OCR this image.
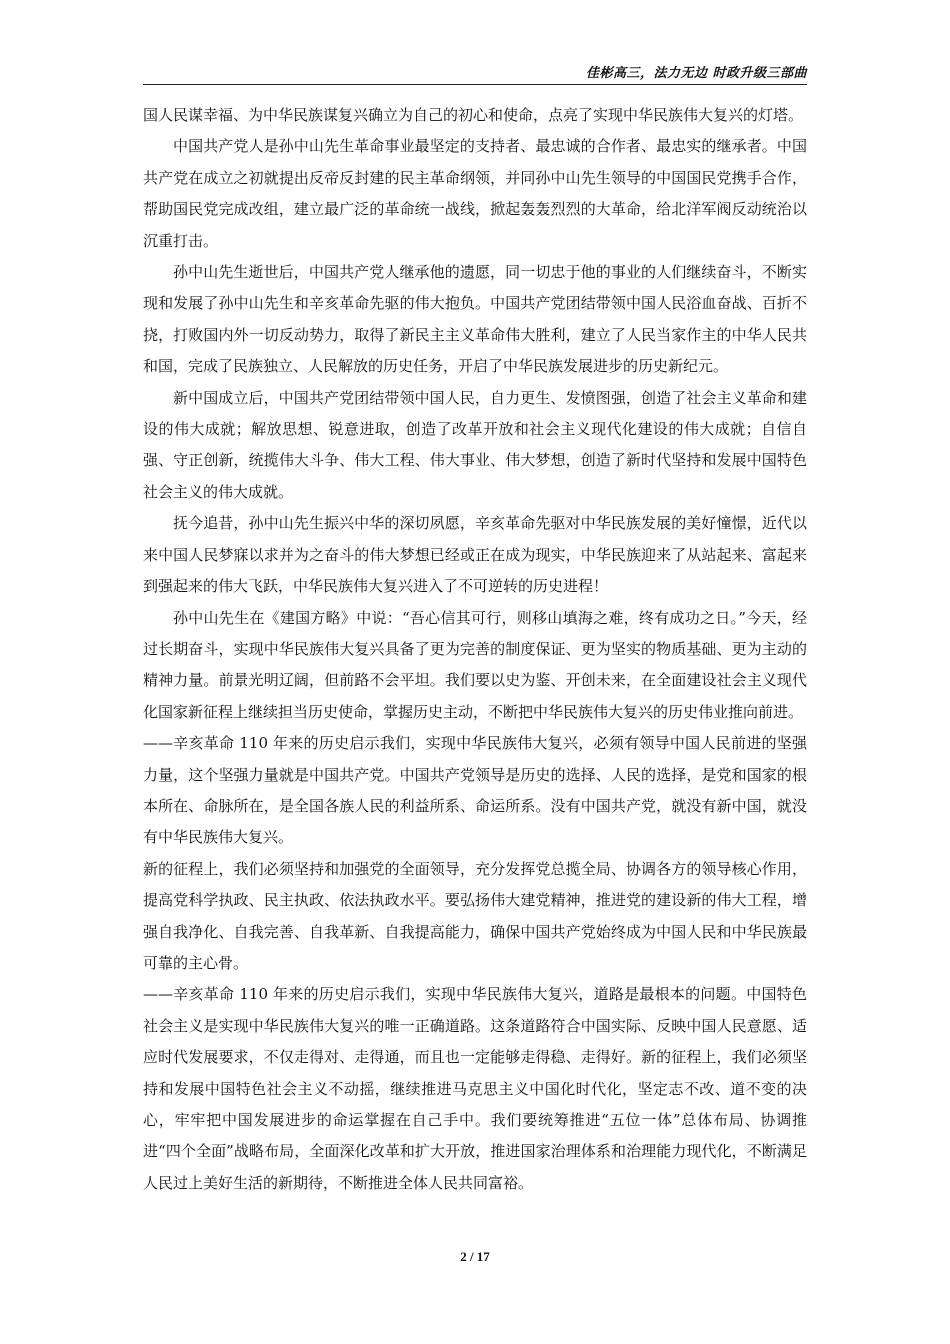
佳彬高三，法力无边 时政升级三部曲

国人民谋幸福、为中华民族谋复兴确立为自己的初心和使命，点亮了实现中华民族伟大复兴的灯塔。

中国共产党人是孙中山先生革命事业最坚定的支持者、最忠诚的合作者、最忠实的继承者。中国共产党在成立之初就提出反帝反封建的民主革命纲领，并同孙中山先生领导的中国国民党携手合作，帮助国民党完成改组，建立最广泛的革命统一战线，掀起轰轰烈烈的大革命，给北洋军阀反动统治以沉重打击。

孙中山先生逝世后，中国共产党人继承他的遗愿，同一切忠于他的事业的人们继续奋斗，不断实现和发展了孙中山先生和辛亥革命先驱的伟大抱负。中国共产党团结带领中国人民浴血奋战、百折不挠，打败国内外一切反动势力，取得了新民主主义革命伟大胜利，建立了人民当家作主的中华人民共和国，完成了民族独立、人民解放的历史任务，开启了中华民族发展进步的历史新纪元。

新中国成立后，中国共产党团结带领中国人民，自力更生、发愤图强，创造了社会主义革命和建设的伟大成就；解放思想、锐意进取，创造了改革开放和社会主义现代化建设的伟大成就；自信自强、守正创新，统揽伟大斗争、伟大工程、伟大事业、伟大梦想，创造了新时代坚持和发展中国特色社会主义的伟大成就。

抚今追昔，孙中山先生振兴中华的深切夙愿，辛亥革命先驱对中华民族发展的美好憧憬，近代以来中国人民梦寐以求并为之奋斗的伟大梦想已经或正在成为现实，中华民族迎来了从站起来、富起来到强起来的伟大飞跃，中华民族伟大复兴进入了不可逆转的历史进程！

孙中山先生在《建国方略》中说：“吾心信其可行，则移山填海之难，终有成功之日。”今天，经过长期奋斗，实现中华民族伟大复兴具备了更为完善的制度保证、更为坚实的物质基础、更为主动的精神力量。前景光明辽阔，但前路不会平坦。我们要以史为鉴、开创未来，在全面建设社会主义现代化国家新征程上继续担当历史使命，掌握历史主动，不断把中华民族伟大复兴的历史伟业推向前进。

——辛亥革命 110 年来的历史启示我们，实现中华民族伟大复兴，必须有领导中国人民前进的坚强力量，这个坚强力量就是中国共产党。中国共产党领导是历史的选择、人民的选择，是党和国家的根本所在、命脉所在，是全国各族人民的利益所系、命运所系。没有中国共产党，就没有新中国，就没有中华民族伟大复兴。

新的征程上，我们必须坚持和加强党的全面领导，充分发挥党总揽全局、协调各方的领导核心作用，提高党科学执政、民主执政、依法执政水平。要弘扬伟大建党精神，推进党的建设新的伟大工程，增强自我净化、自我完善、自我革新、自我提高能力，确保中国共产党始终成为中国人民和中华民族最可靠的主心骨。

——辛亥革命 110 年来的历史启示我们，实现中华民族伟大复兴，道路是最根本的问题。中国特色社会主义是实现中华民族伟大复兴的唯一正确道路。这条道路符合中国实际、反映中国人民意愿、适应时代发展要求，不仅走得对、走得通，而且也一定能够走得稳、走得好。新的征程上，我们必须坚持和发展中国特色社会主义不动摇，继续推进马克思主义中国化时代化，坚定志不改、道不变的决心，牢牢把中国发展进步的命运掌握在自己手中。我们要统筹推进“五位一体”总体布局、协调推进“四个全面”战略布局，全面深化改革和扩大开放，推进国家治理体系和治理能力现代化，不断满足人民过上美好生活的新期待，不断推进全体人民共同富裕。

2 / 17
